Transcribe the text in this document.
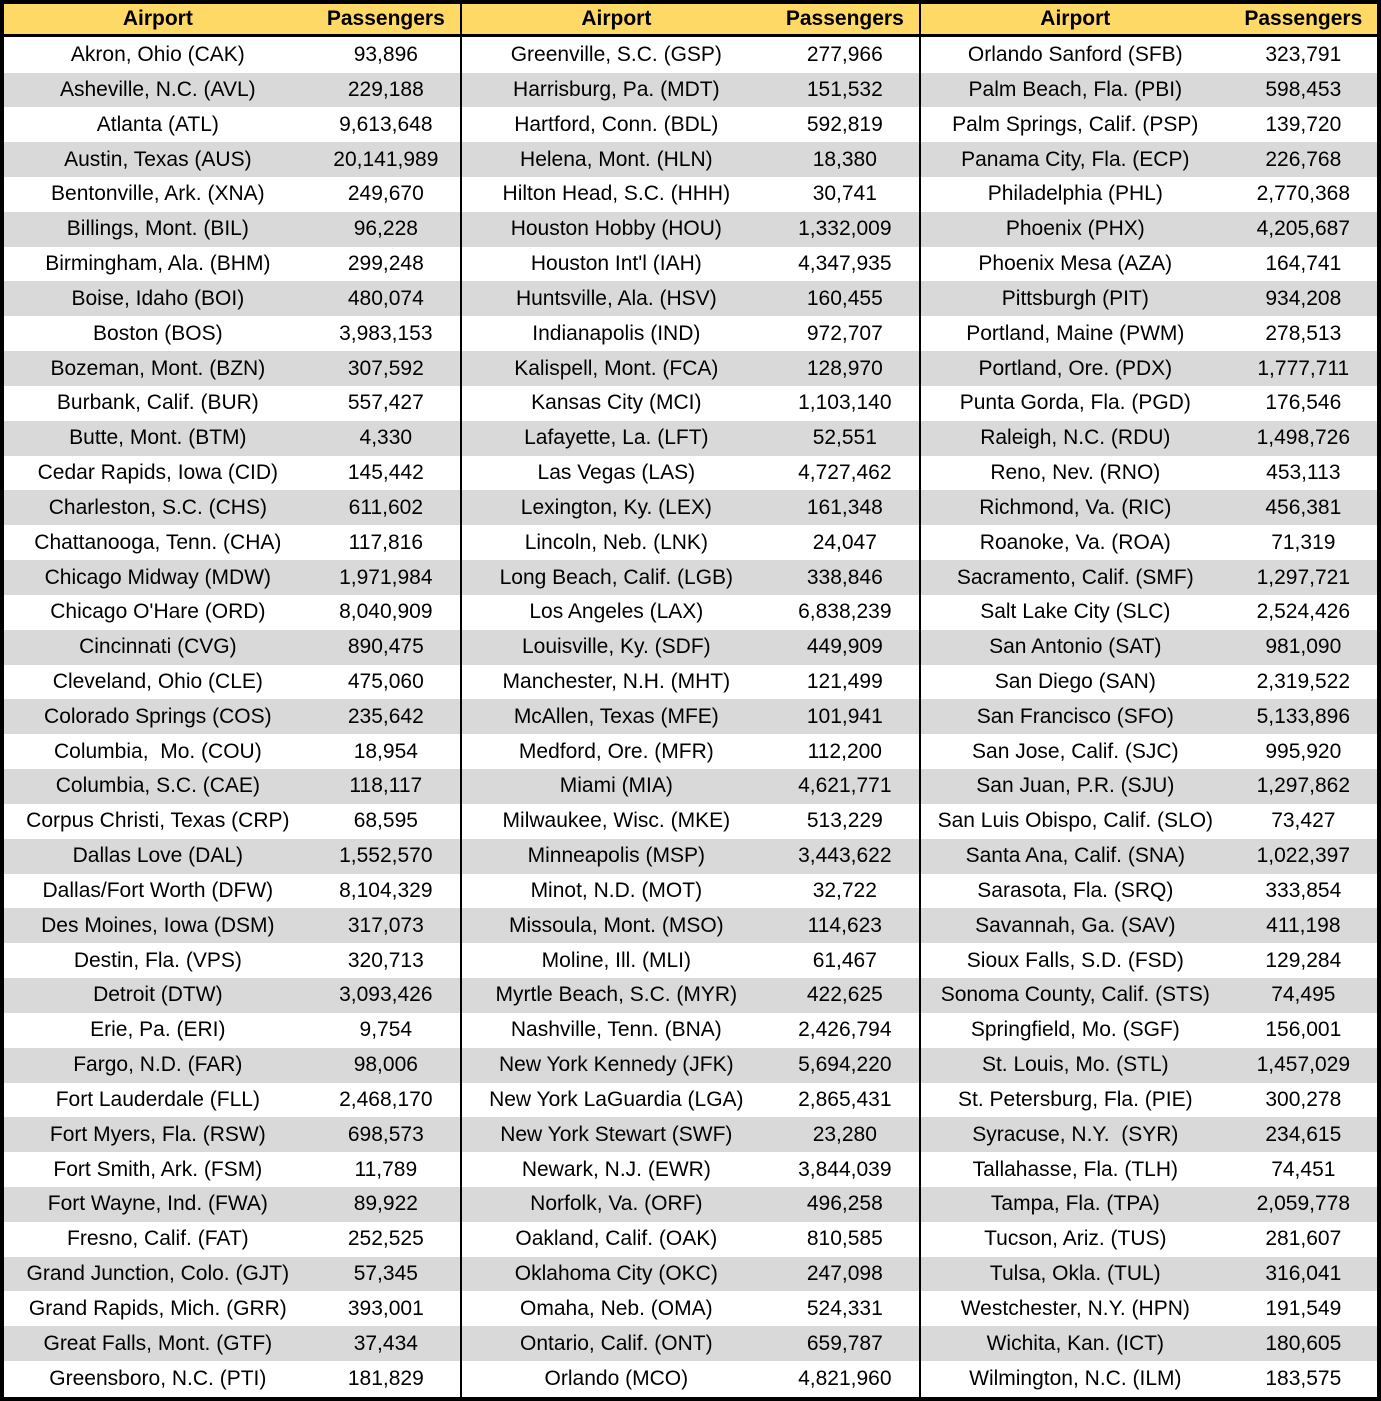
Airport	Passengers	Airport	Passengers	Airport	Passengers
Akron, Ohio (CAK)	93,896	Greenville, S.C. (GSP)	277,966	Orlando Sanford (SFB)	323,791
Asheville, N.C. (AVL)	229,188	Harrisburg, Pa. (MDT)	151,532	Palm Beach, Fla. (PBI)	598,453
Atlanta (ATL)	9,613,648	Hartford, Conn. (BDL)	592,819	Palm Springs, Calif. (PSP)	139,720
Austin, Texas (AUS)	20,141,989	Helena, Mont. (HLN)	18,380	Panama City, Fla. (ECP)	226,768
Bentonville, Ark. (XNA)	249,670	Hilton Head, S.C. (HHH)	30,741	Philadelphia (PHL)	2,770,368
Billings, Mont. (BIL)	96,228	Houston Hobby (HOU)	1,332,009	Phoenix (PHX)	4,205,687
Birmingham, Ala. (BHM)	299,248	Houston Int'l (IAH)	4,347,935	Phoenix Mesa (AZA)	164,741
Boise, Idaho (BOI)	480,074	Huntsville, Ala. (HSV)	160,455	Pittsburgh (PIT)	934,208
Boston (BOS)	3,983,153	Indianapolis (IND)	972,707	Portland, Maine (PWM)	278,513
Bozeman, Mont. (BZN)	307,592	Kalispell, Mont. (FCA)	128,970	Portland, Ore. (PDX)	1,777,711
Burbank, Calif. (BUR)	557,427	Kansas City (MCI)	1,103,140	Punta Gorda, Fla. (PGD)	176,546
Butte, Mont. (BTM)	4,330	Lafayette, La. (LFT)	52,551	Raleigh, N.C. (RDU)	1,498,726
Cedar Rapids, Iowa (CID)	145,442	Las Vegas (LAS)	4,727,462	Reno, Nev. (RNO)	453,113
Charleston, S.C. (CHS)	611,602	Lexington, Ky. (LEX)	161,348	Richmond, Va. (RIC)	456,381
Chattanooga, Tenn. (CHA)	117,816	Lincoln, Neb. (LNK)	24,047	Roanoke, Va. (ROA)	71,319
Chicago Midway (MDW)	1,971,984	Long Beach, Calif. (LGB)	338,846	Sacramento, Calif. (SMF)	1,297,721
Chicago O'Hare (ORD)	8,040,909	Los Angeles (LAX)	6,838,239	Salt Lake City (SLC)	2,524,426
Cincinnati (CVG)	890,475	Louisville, Ky. (SDF)	449,909	San Antonio (SAT)	981,090
Cleveland, Ohio (CLE)	475,060	Manchester, N.H. (MHT)	121,499	San Diego (SAN)	2,319,522
Colorado Springs (COS)	235,642	McAllen, Texas (MFE)	101,941	San Francisco (SFO)	5,133,896
Columbia,  Mo. (COU)	18,954	Medford, Ore. (MFR)	112,200	San Jose, Calif. (SJC)	995,920
Columbia, S.C. (CAE)	118,117	Miami (MIA)	4,621,771	San Juan, P.R. (SJU)	1,297,862
Corpus Christi, Texas (CRP)	68,595	Milwaukee, Wisc. (MKE)	513,229	San Luis Obispo, Calif. (SLO)	73,427
Dallas Love (DAL)	1,552,570	Minneapolis (MSP)	3,443,622	Santa Ana, Calif. (SNA)	1,022,397
Dallas/Fort Worth (DFW)	8,104,329	Minot, N.D. (MOT)	32,722	Sarasota, Fla. (SRQ)	333,854
Des Moines, Iowa (DSM)	317,073	Missoula, Mont. (MSO)	114,623	Savannah, Ga. (SAV)	411,198
Destin, Fla. (VPS)	320,713	Moline, Ill. (MLI)	61,467	Sioux Falls, S.D. (FSD)	129,284
Detroit (DTW)	3,093,426	Myrtle Beach, S.C. (MYR)	422,625	Sonoma County, Calif. (STS)	74,495
Erie, Pa. (ERI)	9,754	Nashville, Tenn. (BNA)	2,426,794	Springfield, Mo. (SGF)	156,001
Fargo, N.D. (FAR)	98,006	New York Kennedy (JFK)	5,694,220	St. Louis, Mo. (STL)	1,457,029
Fort Lauderdale (FLL)	2,468,170	New York LaGuardia (LGA)	2,865,431	St. Petersburg, Fla. (PIE)	300,278
Fort Myers, Fla. (RSW)	698,573	New York Stewart (SWF)	23,280	Syracuse, N.Y.  (SYR)	234,615
Fort Smith, Ark. (FSM)	11,789	Newark, N.J. (EWR)	3,844,039	Tallahasse, Fla. (TLH)	74,451
Fort Wayne, Ind. (FWA)	89,922	Norfolk, Va. (ORF)	496,258	Tampa, Fla. (TPA)	2,059,778
Fresno, Calif. (FAT)	252,525	Oakland, Calif. (OAK)	810,585	Tucson, Ariz. (TUS)	281,607
Grand Junction, Colo. (GJT)	57,345	Oklahoma City (OKC)	247,098	Tulsa, Okla. (TUL)	316,041
Grand Rapids, Mich. (GRR)	393,001	Omaha, Neb. (OMA)	524,331	Westchester, N.Y. (HPN)	191,549
Great Falls, Mont. (GTF)	37,434	Ontario, Calif. (ONT)	659,787	Wichita, Kan. (ICT)	180,605
Greensboro, N.C. (PTI)	181,829	Orlando (MCO)	4,821,960	Wilmington, N.C. (ILM)	183,575
